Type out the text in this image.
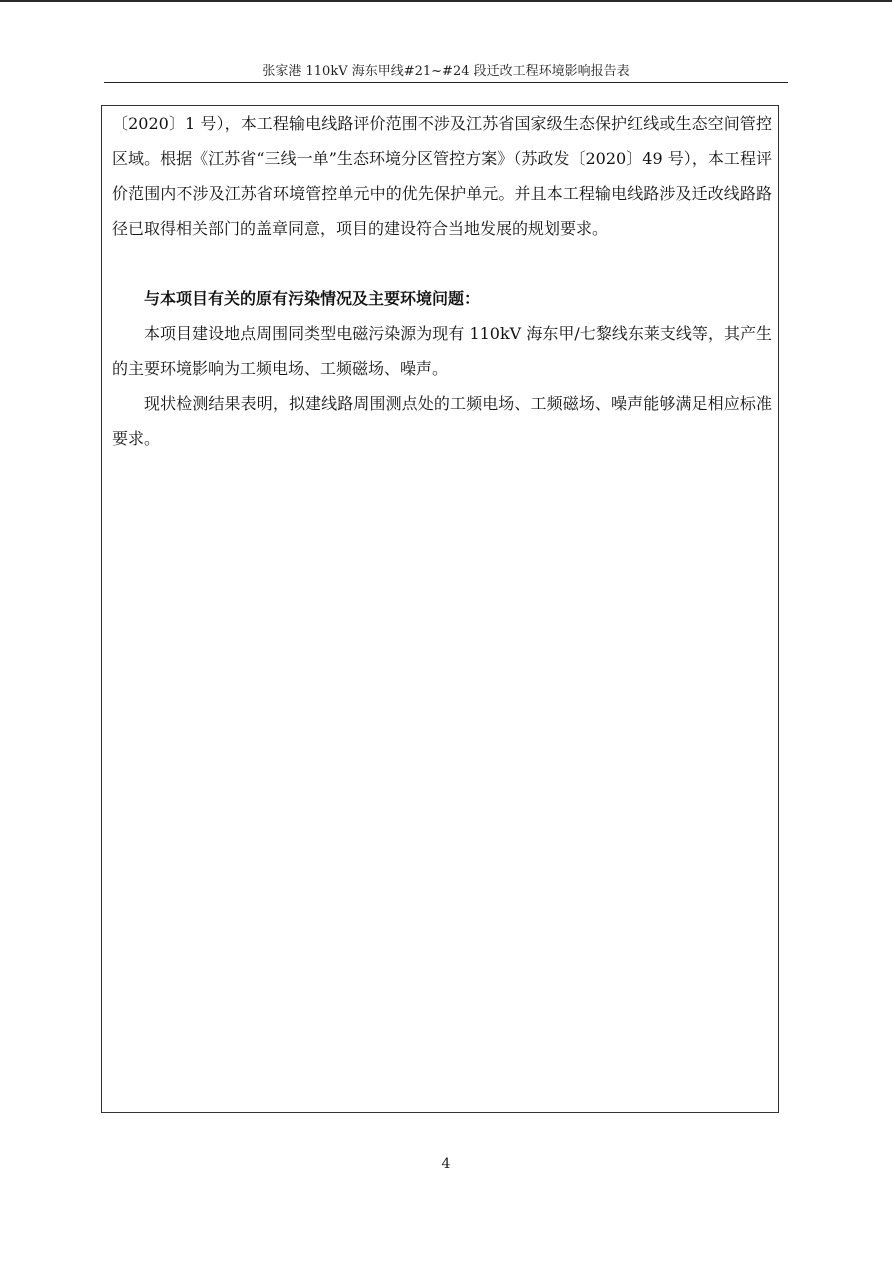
张家港 110kV 海东甲线#21~#24 段迁改工程环境影响报告表

〔2020〕1 号），本工程输电线路评价范围不涉及江苏省国家级生态保护红线或生态空间管控区域。根据《江苏省“三线一单”生态环境分区管控方案》（苏政发〔2020〕49 号），本工程评价范围内不涉及江苏省环境管控单元中的优先保护单元。并且本工程输电线路涉及迁改线路路径已取得相关部门的盖章同意，项目的建设符合当地发展的规划要求。

与本项目有关的原有污染情况及主要环境问题：

本项目建设地点周围同类型电磁污染源为现有 110kV 海东甲/七黎线东莱支线等，其产生的主要环境影响为工频电场、工频磁场、噪声。

现状检测结果表明，拟建线路周围测点处的工频电场、工频磁场、噪声能够满足相应标准要求。

4
